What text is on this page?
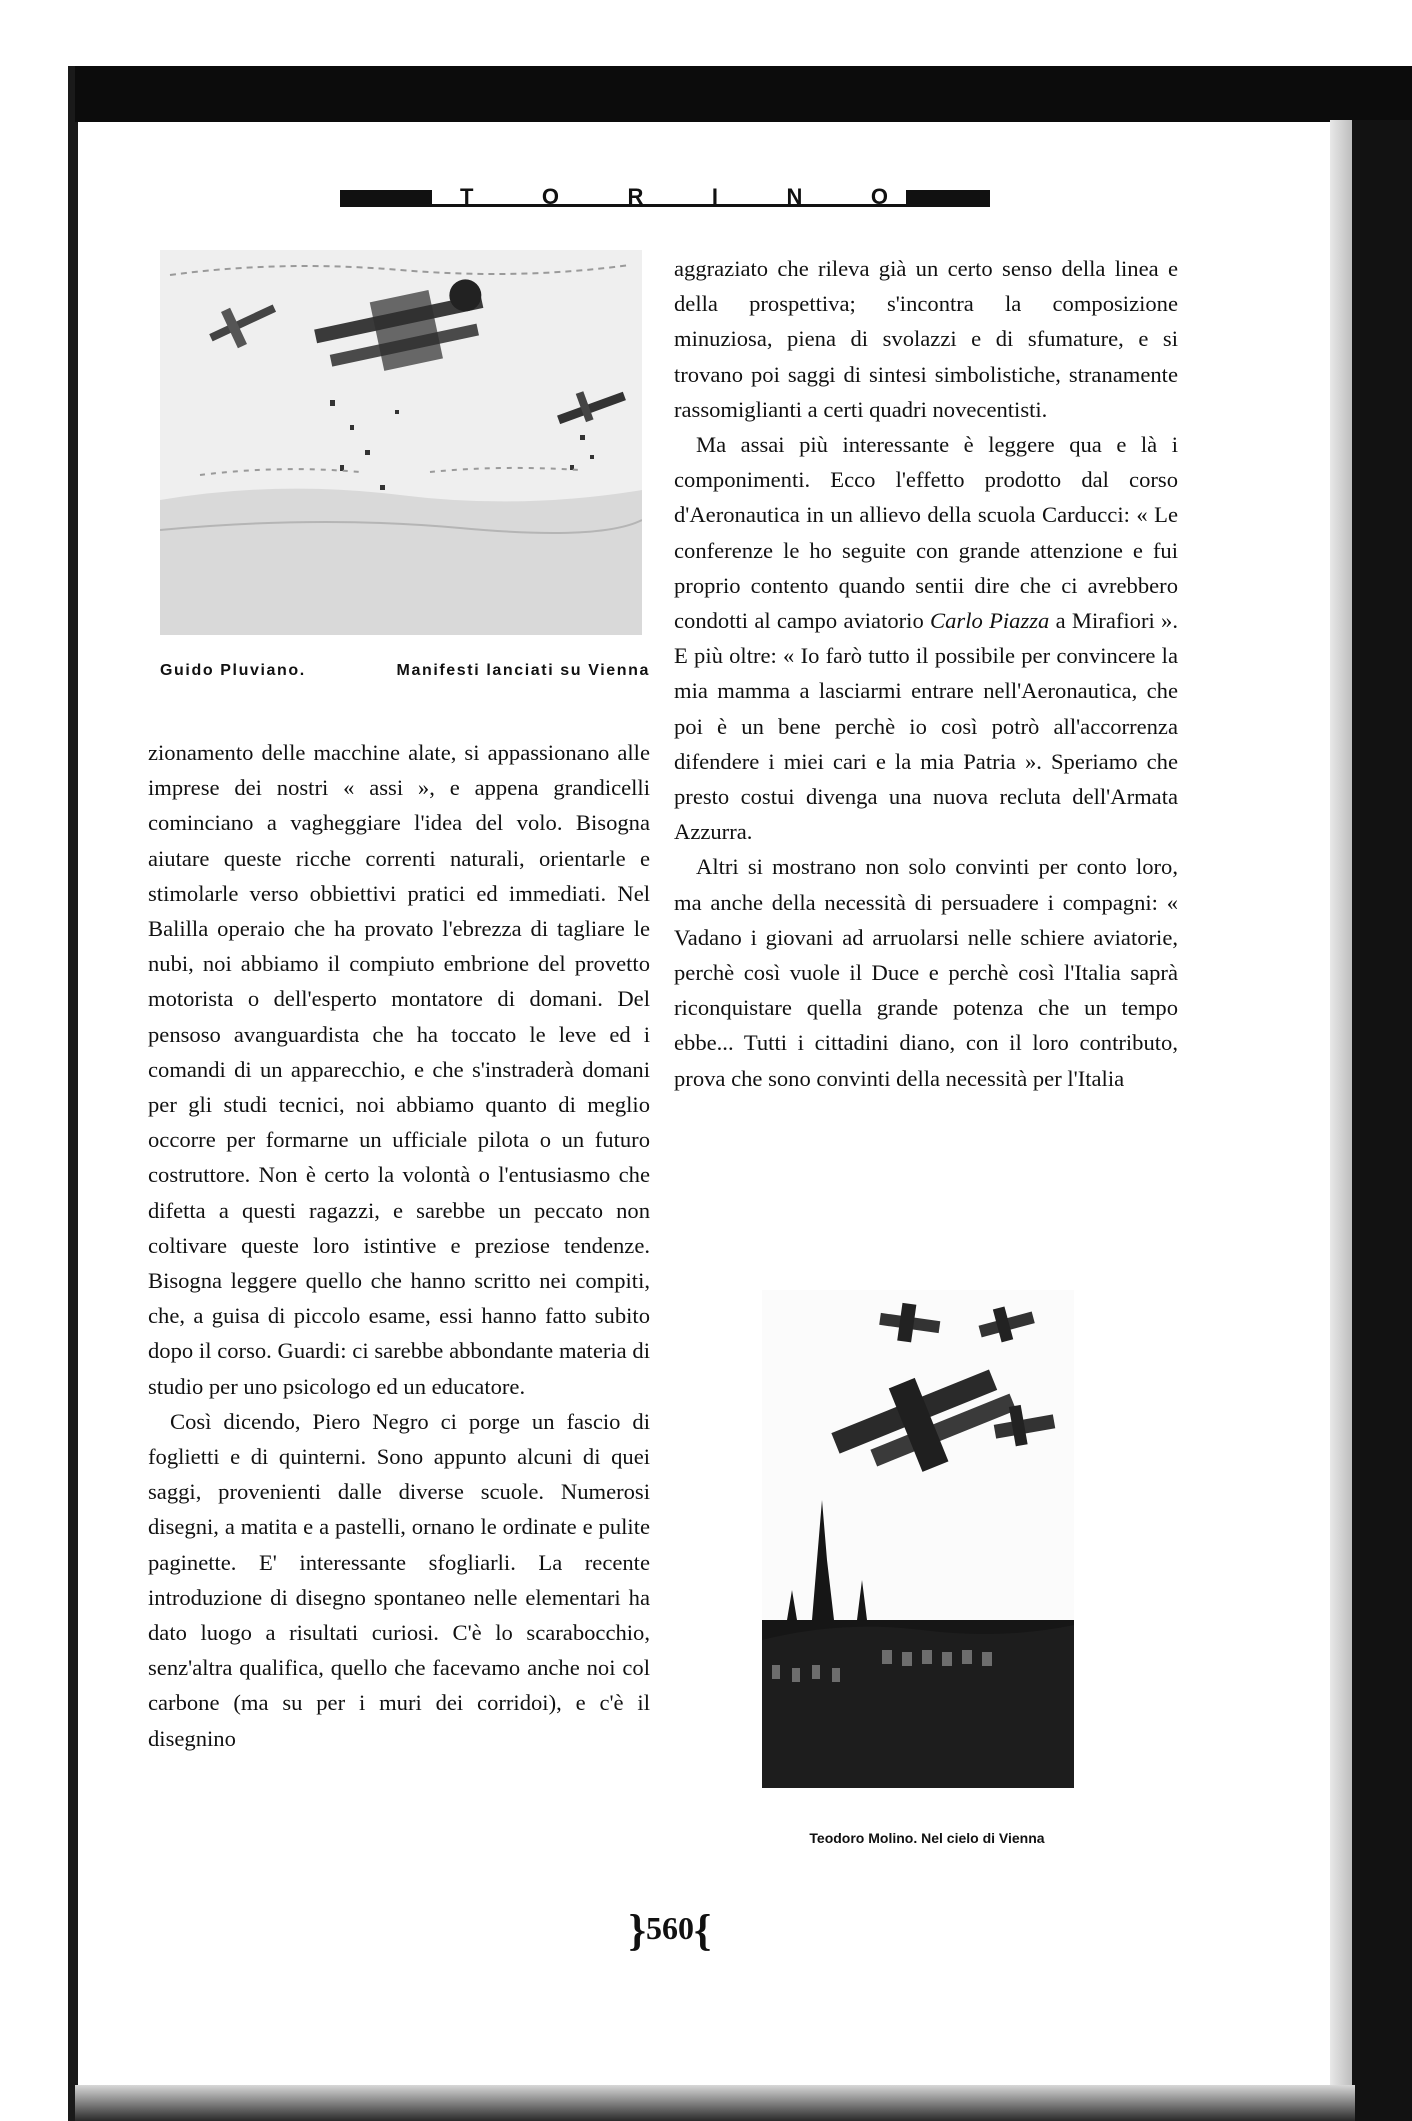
T	O	R	I	N	O
Guido Pluviano.	Manifesti lanciati su Vienna

zionamento delle macchine alate, si appassionano alle imprese dei nostri « assi », e appena grandicelli cominciano a vagheggiare l'idea del volo. Bisogna aiutare queste ricche correnti naturali, orientarle e stimolarle verso obbiettivi pratici ed immediati. Nel Balilla operaio che ha provato l'ebrezza di tagliare le nubi, noi abbiamo il compiuto embrione del provetto motorista o dell'esperto montatore di domani. Del pensoso avanguardista che ha toccato le leve ed i comandi di un apparecchio, e che s'instraderà domani per gli studi tecnici, noi abbiamo quanto di meglio occorre per formarne un ufficiale pilota o un futuro costruttore. Non è certo la volontà o l'entusiasmo che difetta a questi ragazzi, e sarebbe un peccato non coltivare queste loro istintive e preziose tendenze. Bisogna leggere quello che hanno scritto nei compiti, che, a guisa di piccolo esame, essi hanno fatto subito dopo il corso. Guardi: ci sarebbe abbondante materia di studio per uno psicologo ed un educatore.

Così dicendo, Piero Negro ci porge un fascio di foglietti e di quinterni. Sono appunto alcuni di quei saggi, provenienti dalle diverse scuole. Numerosi disegni, a matita e a pastelli, ornano le ordinate e pulite paginette. E' interessante sfogliarli. La recente introduzione di disegno spontaneo nelle elementari ha dato luogo a risultati curiosi. C'è lo scarabocchio, senz'altra qualifica, quello che facevamo anche noi col carbone (ma su per i muri dei corridoi), e c'è il disegnino

aggraziato che rileva già un certo senso della linea e della prospettiva; s'incontra la composizione minuziosa, piena di svolazzi e di sfumature, e si trovano poi saggi di sintesi simbolistiche, stranamente rassomiglianti a certi quadri novecentisti.

Ma assai più interessante è leggere qua e là i componimenti. Ecco l'effetto prodotto dal corso d'Aeronautica in un allievo della scuola Carducci: « Le conferenze le ho seguite con grande attenzione e fui proprio contento quando sentii dire che ci avrebbero condotti al campo aviatorio Carlo Piazza a Mirafiori ». E più oltre: « Io farò tutto il possibile per convincere la mia mamma a lasciarmi entrare nell'Aeronautica, che poi è un bene perchè io così potrò all'accorrenza difendere i miei cari e la mia Patria ». Speriamo che presto costui divenga una nuova recluta dell'Armata Azzurra.

Altri si mostrano non solo convinti per conto loro, ma anche della necessità di persuadere i compagni: « Vadano i giovani ad arruolarsi nelle schiere aviatorie, perchè così vuole il Duce e perchè così l'Italia saprà riconquistare quella grande potenza che un tempo ebbe... Tutti i cittadini diano, con il loro contributo, prova che sono convinti della necessità per l'Italia

Teodoro Molino. Nel cielo di Vienna
}560{
